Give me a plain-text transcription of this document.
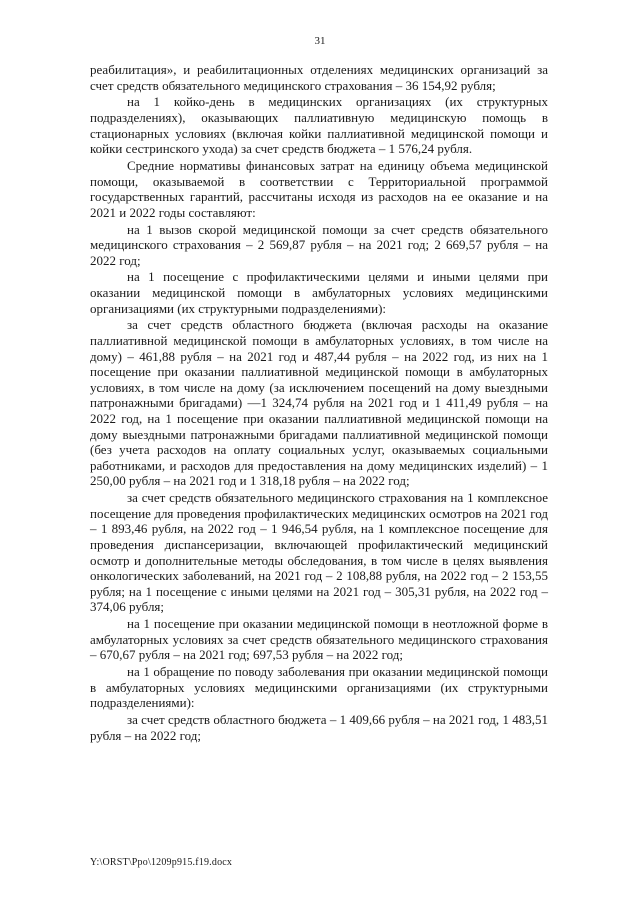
31

реабилитация», и реабилитационных отделениях медицинских организаций за счет средств обязательного медицинского страхования – 36 154,92 рубля;

на 1 койко-день в медицинских организациях (их структурных подразделениях), оказывающих паллиативную медицинскую помощь в стационарных условиях (включая койки паллиативной медицинской помощи и койки сестринского ухода) за счет средств бюджета – 1 576,24 рубля.

Средние нормативы финансовых затрат на единицу объема медицинской помощи, оказываемой в соответствии с Территориальной программой государственных гарантий, рассчитаны исходя из расходов на ее оказание и на 2021 и 2022 годы составляют:

на 1 вызов скорой медицинской помощи за счет средств обязательного медицинского страхования – 2 569,87 рубля – на 2021 год; 2 669,57 рубля – на 2022 год;

на 1 посещение с профилактическими целями и иными целями при оказании медицинской помощи в амбулаторных условиях медицинскими организациями (их структурными подразделениями):

за счет средств областного бюджета (включая расходы на оказание паллиативной медицинской помощи в амбулаторных условиях, в том числе на дому) – 461,88 рубля – на 2021 год и 487,44 рубля – на 2022 год, из них на 1 посещение при оказании паллиативной медицинской помощи в амбулаторных условиях, в том числе на дому (за исключением посещений на дому выездными патронажными бригадами) —1 324,74 рубля на 2021 год и 1 411,49 рубля – на 2022 год, на 1 посещение при оказании паллиативной медицинской помощи на дому выездными патронажными бригадами паллиативной медицинской помощи (без учета расходов на оплату социальных услуг, оказываемых социальными работниками, и расходов для предоставления на дому медицинских изделий) – 1 250,00 рубля – на 2021 год и 1 318,18 рубля – на 2022 год;

за счет средств обязательного медицинского страхования на 1 комплексное посещение для проведения профилактических медицинских осмотров на 2021 год – 1 893,46 рубля, на 2022 год – 1 946,54 рубля, на 1 комплексное посещение для проведения диспансеризации, включающей профилактический медицинский осмотр и дополнительные методы обследования, в том числе в целях выявления онкологических заболеваний, на 2021 год – 2 108,88 рубля, на 2022 год – 2 153,55 рубля; на 1 посещение с иными целями на 2021 год – 305,31 рубля, на 2022 год – 374,06 рубля;

на 1 посещение при оказании медицинской помощи в неотложной форме в амбулаторных условиях за счет средств обязательного медицинского страхования – 670,67 рубля – на 2021 год; 697,53 рубля – на 2022 год;

на 1 обращение по поводу заболевания при оказании медицинской помощи в амбулаторных условиях медицинскими организациями (их структурными подразделениями):

за счет средств областного бюджета – 1 409,66 рубля – на 2021 год, 1 483,51 рубля – на 2022 год;

Y:\ORST\Ppo\1209p915.f19.docx
